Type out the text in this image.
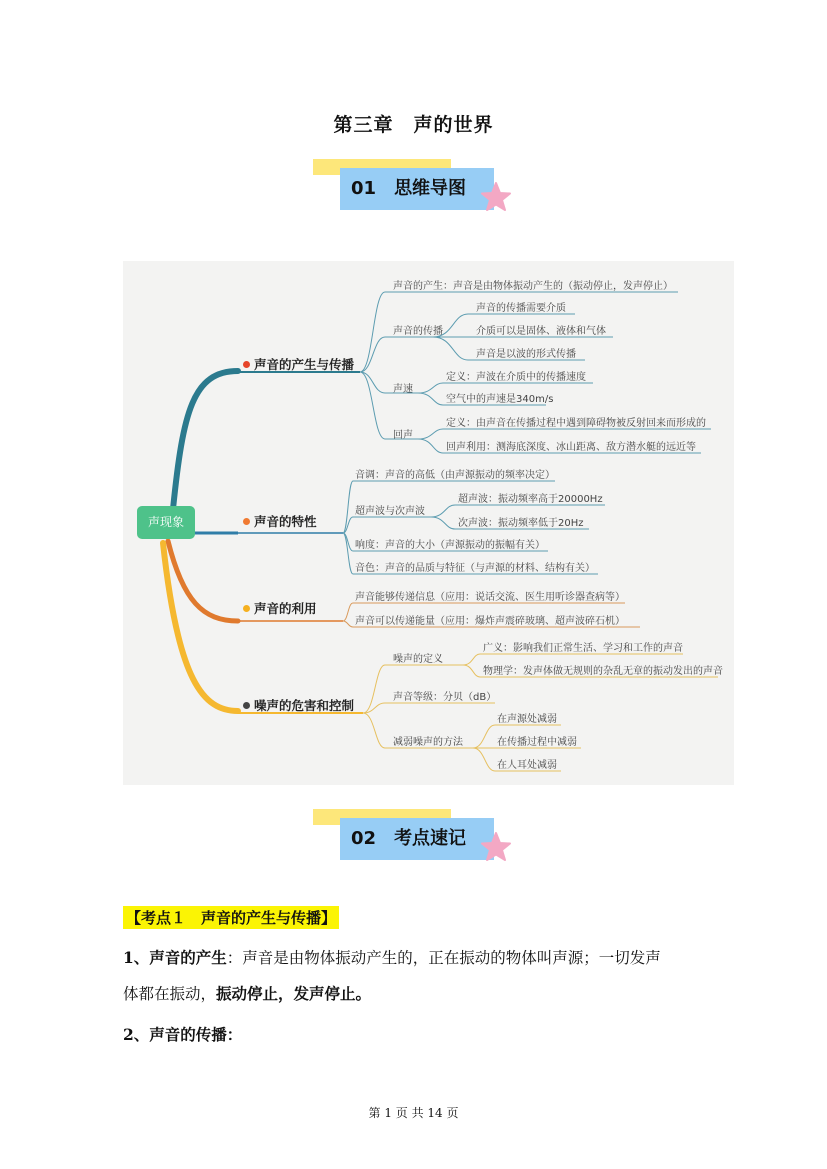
第三章　声的世界
01　 思维导图
声现象
声音的产生与传播
声音的特性
声音的利用
噪声的危害和控制
声音的产生：声音是由物体振动产生的（振动停止，发声停止）
声音的传播
声音的传播需要介质
介质可以是固体、液体和气体
声音是以波的形式传播
声速
定义：声波在介质中的传播速度
空气中的声速是340m/s
回声
定义：由声音在传播过程中遇到障碍物被反射回来而形成的
回声利用：测海底深度、冰山距离、敌方潜水艇的远近等
音调：声音的高低（由声源振动的频率决定）
超声波与次声波
超声波：振动频率高于20000Hz
次声波：振动频率低于20Hz
响度：声音的大小（声源振动的振幅有关）
音色：声音的品质与特征（与声源的材料、结构有关）
声音能够传递信息（应用：说话交流、医生用听诊器查病等）
声音可以传递能量（应用：爆炸声震碎玻璃、超声波碎石机）
噪声的定义
广义：影响我们正常生活、学习和工作的声音
物理学：发声体做无规则的杂乱无章的振动发出的声音
声音等级：分贝（dB）
减弱噪声的方法
在声源处减弱
在传播过程中减弱
在人耳处减弱
02　 考点速记
【考点１　声音的产生与传播】
1、声音的产生：声音是由物体振动产生的，正在振动的物体叫声源；一切发声
体都在振动，振动停止，发声停止。
2、声音的传播：
第 1 页 共 14 页
